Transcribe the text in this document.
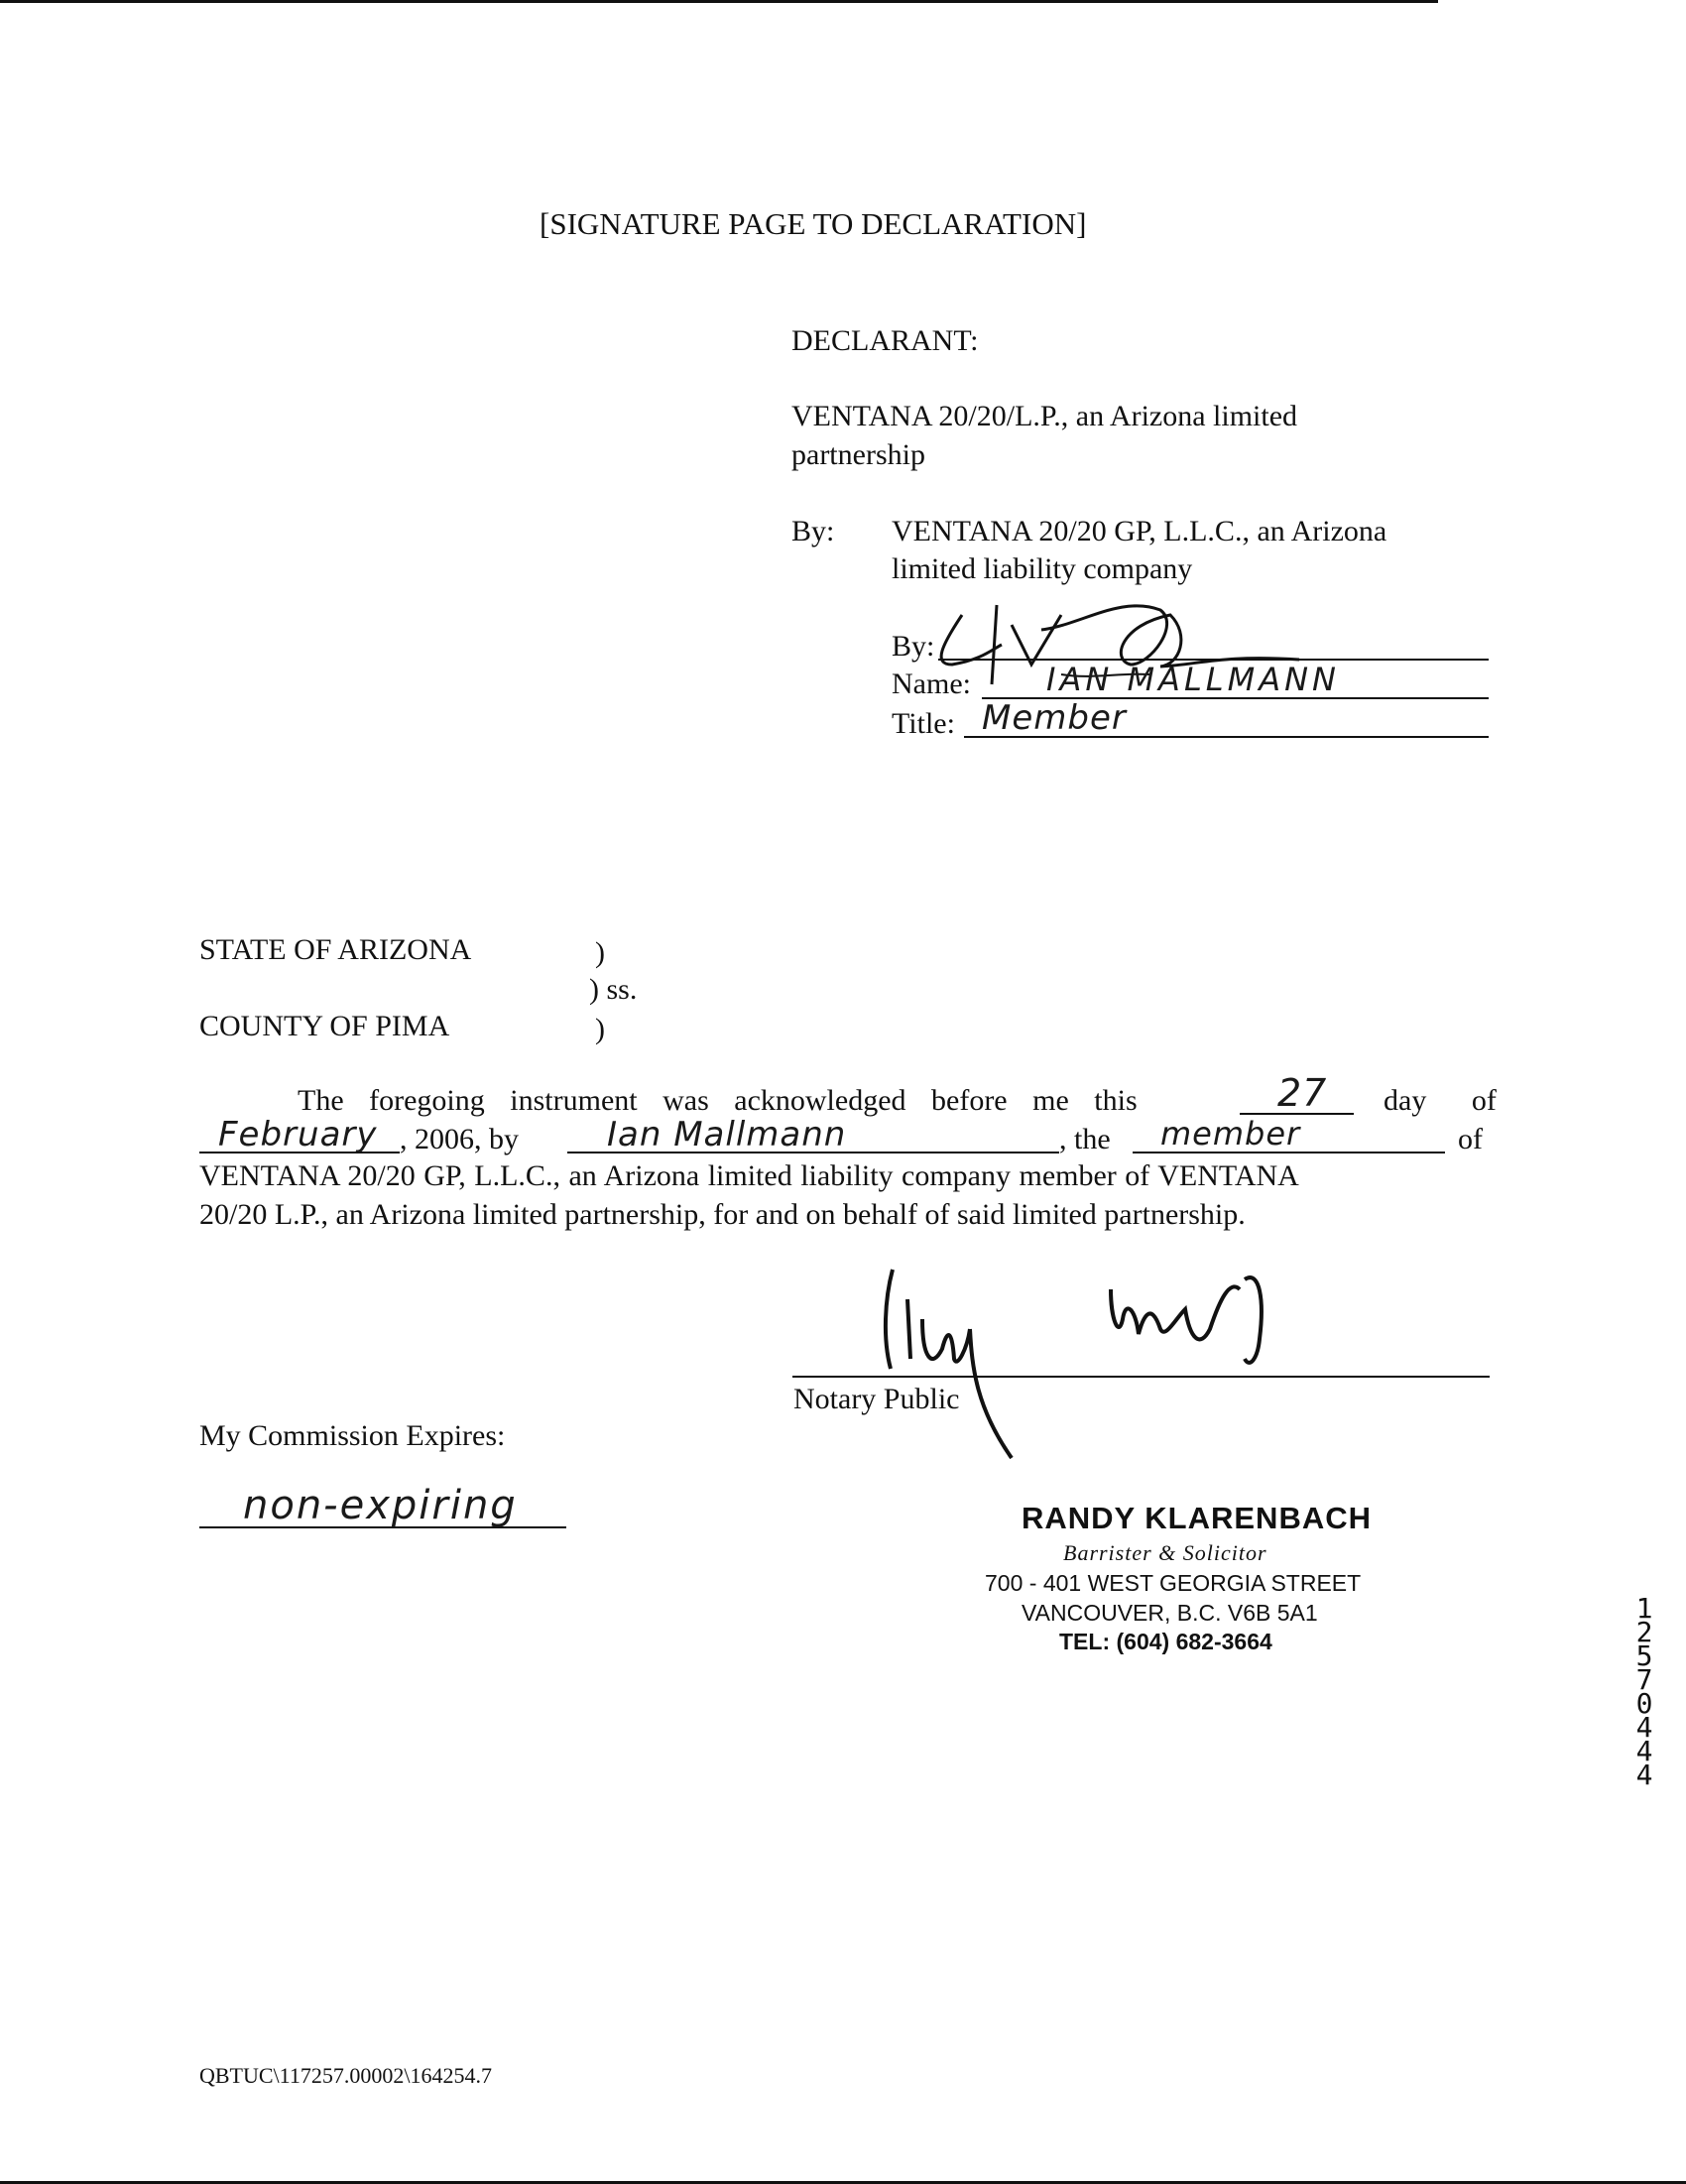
[SIGNATURE PAGE TO DECLARATION]
DECLARANT:
VENTANA 20/20/L.P., an Arizona limited
partnership
By: VENTANA 20/20 GP, L.L.C., an Arizona
limited liability company
By:
Name: IAN MALLMANN
Title: Member
STATE OF ARIZONA	)
) ss.
COUNTY OF PIMA	)
The foregoing instrument was acknowledged before me this	27 day of
February , 2006, by	Ian Mallmann	, the member	of
VENTANA 20/20 GP, L.L.C., an Arizona limited liability company member of VENTANA
20/20 L.P., an Arizona limited partnership, for and on behalf of said limited partnership.
Notary Public
My Commission Expires:
non-expiring	RANDY KLARENBACH
Barrister & Solicitor
700 - 401 WEST GEORGIA STREET
VANCOUVER, B.C. V6B 5A1
TEL: (604) 682-3664
1257 0444
QBTUC\117257.00002\164254.7
